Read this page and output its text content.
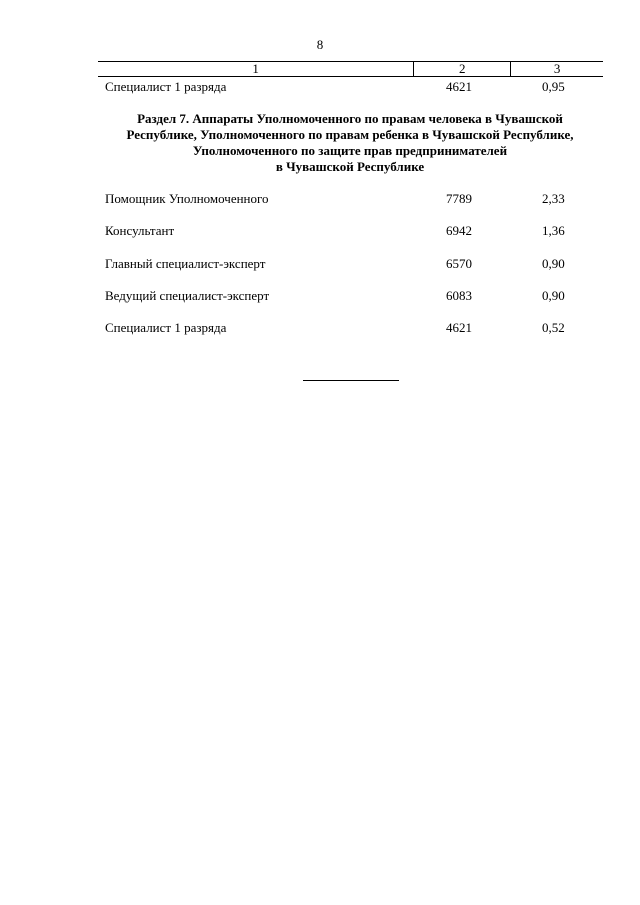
8
1	2	3
Специалист 1 разряда	4621	0,95
Раздел 7. Аппараты Уполномоченного по правам человека в Чувашской
Республике, Уполномоченного по правам ребенка в Чувашской Республике,
Уполномоченного по защите прав предпринимателей
в Чувашской Республике
Помощник Уполномоченного	7789	2,33
Консультант	6942	1,36
Главный специалист-эксперт	6570	0,90
Ведущий специалист-эксперт	6083	0,90
Специалист 1 разряда	4621	0,52
